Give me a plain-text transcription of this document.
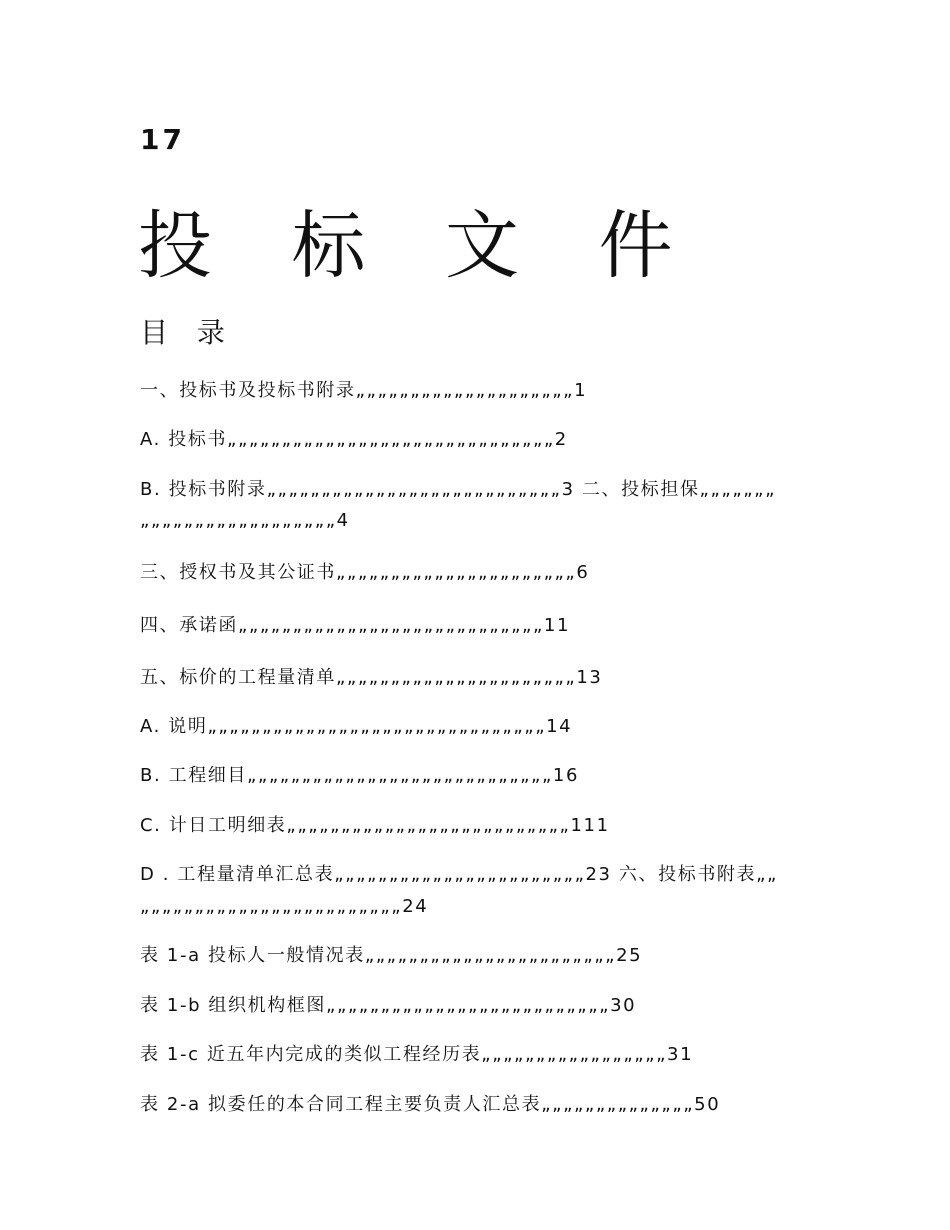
17
投 标 文 件
目 录
一、投标书及投标书附录„„„„„„„„„„„„„„„„„„„„1
A. 投标书„„„„„„„„„„„„„„„„„„„„„„„„„„„„„„2
B. 投标书附录„„„„„„„„„„„„„„„„„„„„„„„„„„„3 二、投标担保„„„„„„„
„„„„„„„„„„„„„„„„„„4
三、授权书及其公证书„„„„„„„„„„„„„„„„„„„„„„6
四、承诺函„„„„„„„„„„„„„„„„„„„„„„„„„„„„11
五、标价的工程量清单„„„„„„„„„„„„„„„„„„„„„„13
A. 说明„„„„„„„„„„„„„„„„„„„„„„„„„„„„„„„14
B. 工程细目„„„„„„„„„„„„„„„„„„„„„„„„„„„„16
C. 计日工明细表„„„„„„„„„„„„„„„„„„„„„„„„„„111
D . 工程量清单汇总表„„„„„„„„„„„„„„„„„„„„„„„23 六、投标书附表„„
„„„„„„„„„„„„„„„„„„„„„„„„24
表 1-a 投标人一般情况表„„„„„„„„„„„„„„„„„„„„„„„25
表 1-b 组织机构框图„„„„„„„„„„„„„„„„„„„„„„„„„„30
表 1-c 近五年内完成的类似工程经历表„„„„„„„„„„„„„„„„„31
表 2-a 拟委任的本合同工程主要负责人汇总表„„„„„„„„„„„„„„50
